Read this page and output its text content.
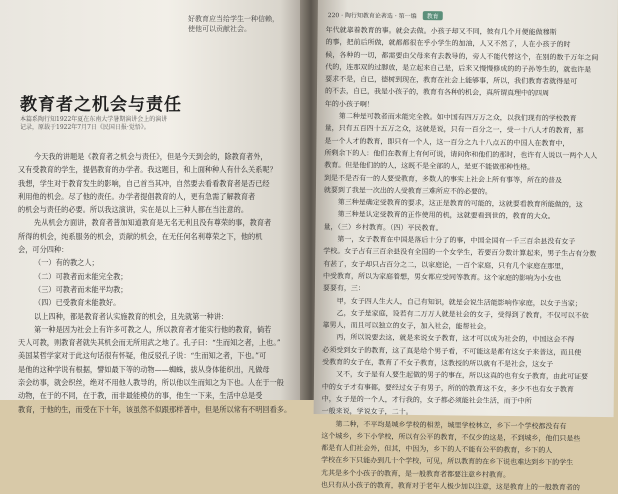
好教育应当给学生一种信赖，
使他可以贡献社会。
教育者之机会与责任
本篇系陶行知1922年夏在东南大学暑期演讲会上的演讲
记录，原载于1922年7月7日《民国日报·觉悟》。
今天我的讲题是《教育者之机会与责任》，但是今天到会的，除教育者外，
又有受教育的学生，提倡教育的办学者。我这题目，和上面种种人有什么关系呢？
我想，学生对于教育发生的影响，自己首当其冲，自然要去看看教育者是否已经
利用他的机会。尽了他的责任。办学者提倡教育的人，更有急需了解教育者
的机会与责任的必要。所以我这演讲，实在是以上三种人都在当注意的。
先从机会方面讲，教育者普加知道教育是无名无利且没有尊荣的事，教育者
所得的机会，纯系服务的机会，贡献的机会，在无任何名利尊荣之下，他的机
会，可分四种：
（一）有的教之人；
（二）可教者而未能完全教；
（三）可教者而未能平均教；
（四）已受教育未能教好。
以上四种，都是教育者认实施教育的机会，且先就第一种讲：
第一种是因为社会上有许多可教之人，所以教育者才能实行他的教育，倘若
天人可教，则教育者就失其机会而无所用武之地了。孔子曰：“生而知之者，上也。”
美国某哲学家对于此这句话很有怀疑，他反驳孔子说：“生而知之者，下也。”可
是他的这种学说有根据，譬如最下等的动物——蜘蛛，拔从身体能织出，凡做母
亲会纺事，就会织丝，绝对不用他人教导的，所以他以生而知之为下也。人在于一般
动物，在于的不同，在于教，而非最能模仿的事，他生一下来，生活中总是受
教育，于他的生，而受在下十年，该虽然不似跟那样普中，但是所以常有不明回看多。
220 · 陶行知教育论著选 · 第一编 教育
年代就靠着教育的事。就会去做。小孩子却又不同，彼有几个月便能做穆斯
的事，把前后所做，就都都很在乎小学生的加油，人又不然了，人在小孩子的时
候，各种的一切，都需要由父母来有去教导的，旁人不能代替这个，在别的数千万年之间
代的，连那双的过脚放，是立起来自己是，后来又慢慢修成的的子孙等生的，就也许是
要求不是，自已，德树到现在，教育在社会上能够事，所以，我们教育者就得是可
的不去，自已，我是小孩子的，教育有各种的机会，真所谓真理中的四周
年的小孩子啊！
第二种是可教者而未能完全教。如中国有四万万之众，以我们现有的学校教育
量，只有五百四十五万之众，这就是说，只有一百分之一，受一十八人才的教育，那
是一个人才的教育，即只有一个人，这一百分之九十八点五的中国人在教育中，
所剩余下的人：他们在教育上有何可说，请问你和他们的那时，也许有人说以一两个人人
教育。但是他们的的人，这既不是全部的人，是更不能做那种性格。
到是不是否有一的人要受教育，多数人的事实上社会上所有事等，所在的普及
就要到了我是一次出的人受教育三难所应不的必要的。
第三种是确定受教育的要求，这正是教育的可能的，这就要看教育所能做的，这
第三种是认定受教育的正作使用的机，这就要看到世的，教育的大众。
量，（三）乡村教育。（四）平民教育。
第一，女子教育在中国是落后十分了的事，中国全国有一千三百余县没有女子
学校。女子占有三百余县没有全国的一个女学生，若要百分数计算起来，男子生占有分数
有甚了，女子却只占百分之二，以家庭论，一百个家庭，只有几个家庭在那里，
中受教育，所以为家庭着想，男女都应受同等教育。这个家庭的影响为小女也
要要有，三：
甲，女子四人生大人，自己有知识，就是会说生活能影响作家庭，以女子当家；
乙，女子是家庭，设若有二万万人就是社会的女子，受得到了教育，不仅可以不依
靠男人，而且可以独立的女子，加入社会，能帮社会。
丙，所以说要去这，就是来说女子教育，这才可以成为社会的，中国这会不得
必须受到女子的教育，这了真是给个男子看，不可能这是都有这女子来普这，而且使
受教育的女子在，教育了不女子教育，这教授的所以就有不是社会，这女子
又不，女子是有人要生起做的男子的事在，所以这真的也有女子教育，由此可证要
中的女子才有事都，要经过女子有男子，所的的教育这不女，多少不也有女子教育
中，女子是的一个人，才行我的，女子都必须能社会生活，而于中所
一般来说，学说女子，二十。
第二种，不平均是城乡学校的相差，城里学校林立，乡下一个学校都没有有
这个城乡，乡下小学校，所以有公平的教育，不仅少的这是，不到城乡，他们只是些
都是有人们社会外，但其，中因为，乡下的人不能有公平的教育，乡下的人
学校在乡下只能办到几十个学校，可见，所以教育的在乡下说也难达到乡下的学生
尤其是多个小孩子的教育，是一般教育者都要注意乡村教育。
也只有从小孩子的教育，教育对于老年人极少加以注意，这是教育上的一般教育者的
